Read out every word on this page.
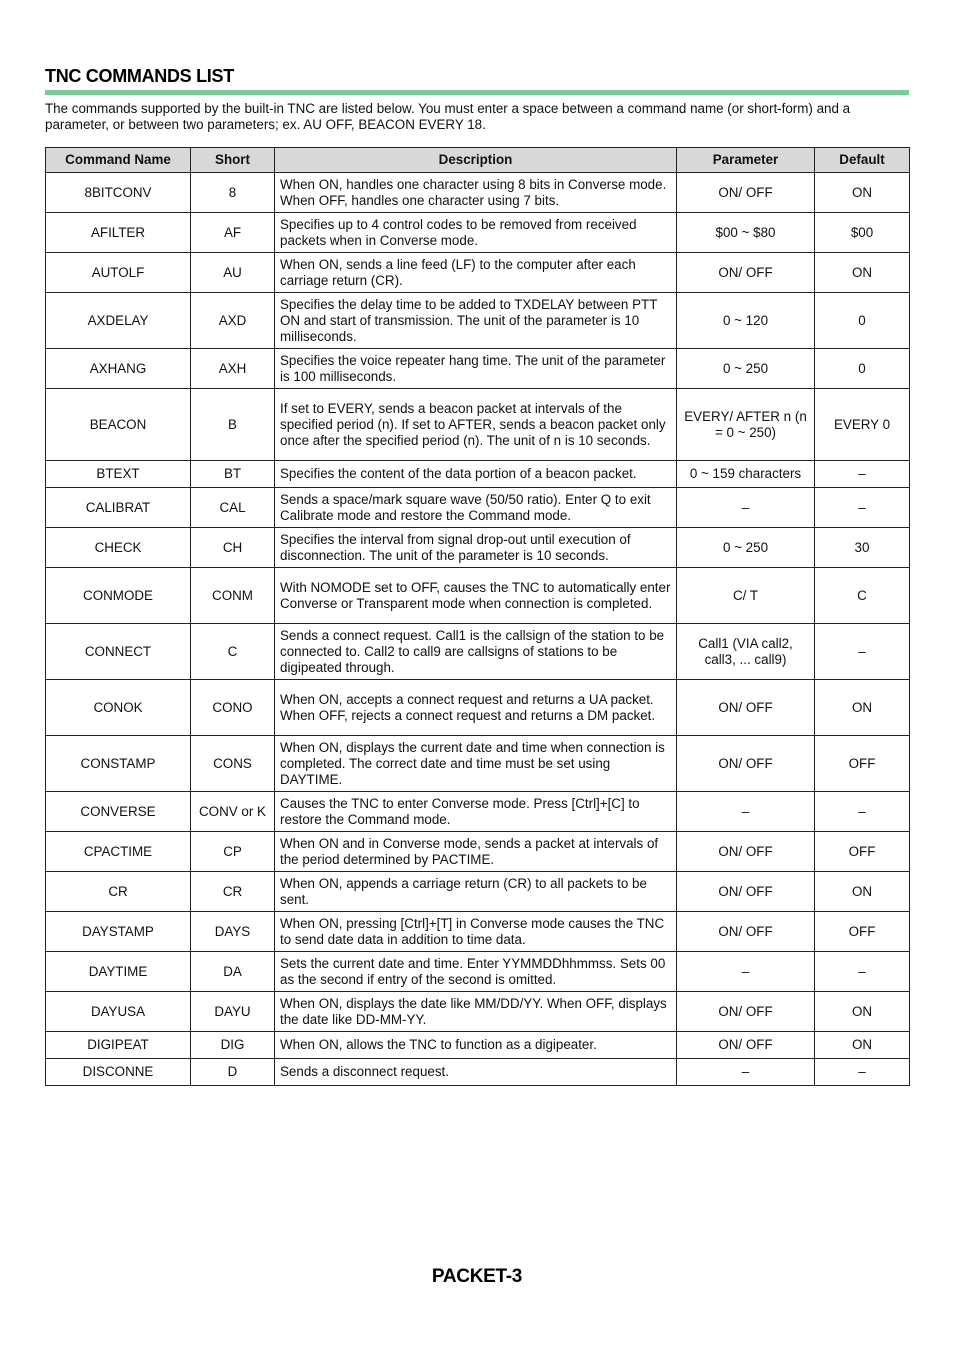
TNC COMMANDS LIST
The commands supported by the built-in TNC are listed below. You must enter a space between a command name (or short-form) and a parameter, or between two parameters; ex. AU OFF, BEACON EVERY 18.
Command Name	Short	Description	Parameter	Default
8BITCONV	8	When ON, handles one character using 8 bits in Converse mode. When OFF, handles one character using 7 bits.	ON/ OFF	ON
AFILTER	AF	Specifies up to 4 control codes to be removed from received packets when in Converse mode.	$00 ~ $80	$00
AUTOLF	AU	When ON, sends a line feed (LF) to the computer after each carriage return (CR).	ON/ OFF	ON
AXDELAY	AXD	Specifies the delay time to be added to TXDELAY between PTT ON and start of transmission. The unit of the parameter is 10 milliseconds.	0 ~ 120	0
AXHANG	AXH	Specifies the voice repeater hang time. The unit of the parameter is 100 milliseconds.	0 ~ 250	0
BEACON	B	If set to EVERY, sends a beacon packet at intervals of the specified period (n). If set to AFTER, sends a beacon packet only once after the specified period (n). The unit of n is 10 seconds.	EVERY/ AFTER n (n = 0 ~ 250)	EVERY 0
BTEXT	BT	Specifies the content of the data portion of a beacon packet.	0 ~ 159 characters	–
CALIBRAT	CAL	Sends a space/mark square wave (50/50 ratio). Enter Q to exit Calibrate mode and restore the Command mode.	–	–
CHECK	CH	Specifies the interval from signal drop-out until execution of disconnection. The unit of the parameter is 10 seconds.	0 ~ 250	30
CONMODE	CONM	With NOMODE set to OFF, causes the TNC to automatically enter Converse or Transparent mode when connection is completed.	C/ T	C
CONNECT	C	Sends a connect request. Call1 is the callsign of the station to be connected to. Call2 to call9 are callsigns of stations to be digipeated through.	Call1 (VIA call2, call3, ... call9)	–
CONOK	CONO	When ON, accepts a connect request and returns a UA packet. When OFF, rejects a connect request and returns a DM packet.	ON/ OFF	ON
CONSTAMP	CONS	When ON, displays the current date and time when connection is completed. The correct date and time must be set using DAYTIME.	ON/ OFF	OFF
CONVERSE	CONV or K	Causes the TNC to enter Converse mode. Press [Ctrl]+[C] to restore the Command mode.	–	–
CPACTIME	CP	When ON and in Converse mode, sends a packet at intervals of the period determined by PACTIME.	ON/ OFF	OFF
CR	CR	When ON, appends a carriage return (CR) to all packets to be sent.	ON/ OFF	ON
DAYSTAMP	DAYS	When ON, pressing [Ctrl]+[T] in Converse mode causes the TNC to send date data in addition to time data.	ON/ OFF	OFF
DAYTIME	DA	Sets the current date and time. Enter YYMMDDhhmmss. Sets 00 as the second if entry of the second is omitted.	–	–
DAYUSA	DAYU	When ON, displays the date like MM/DD/YY. When OFF, displays the date like DD-MM-YY.	ON/ OFF	ON
DIGIPEAT	DIG	When ON, allows the TNC to function as a digipeater.	ON/ OFF	ON
DISCONNE	D	Sends a disconnect request.	–	–
PACKET-3
